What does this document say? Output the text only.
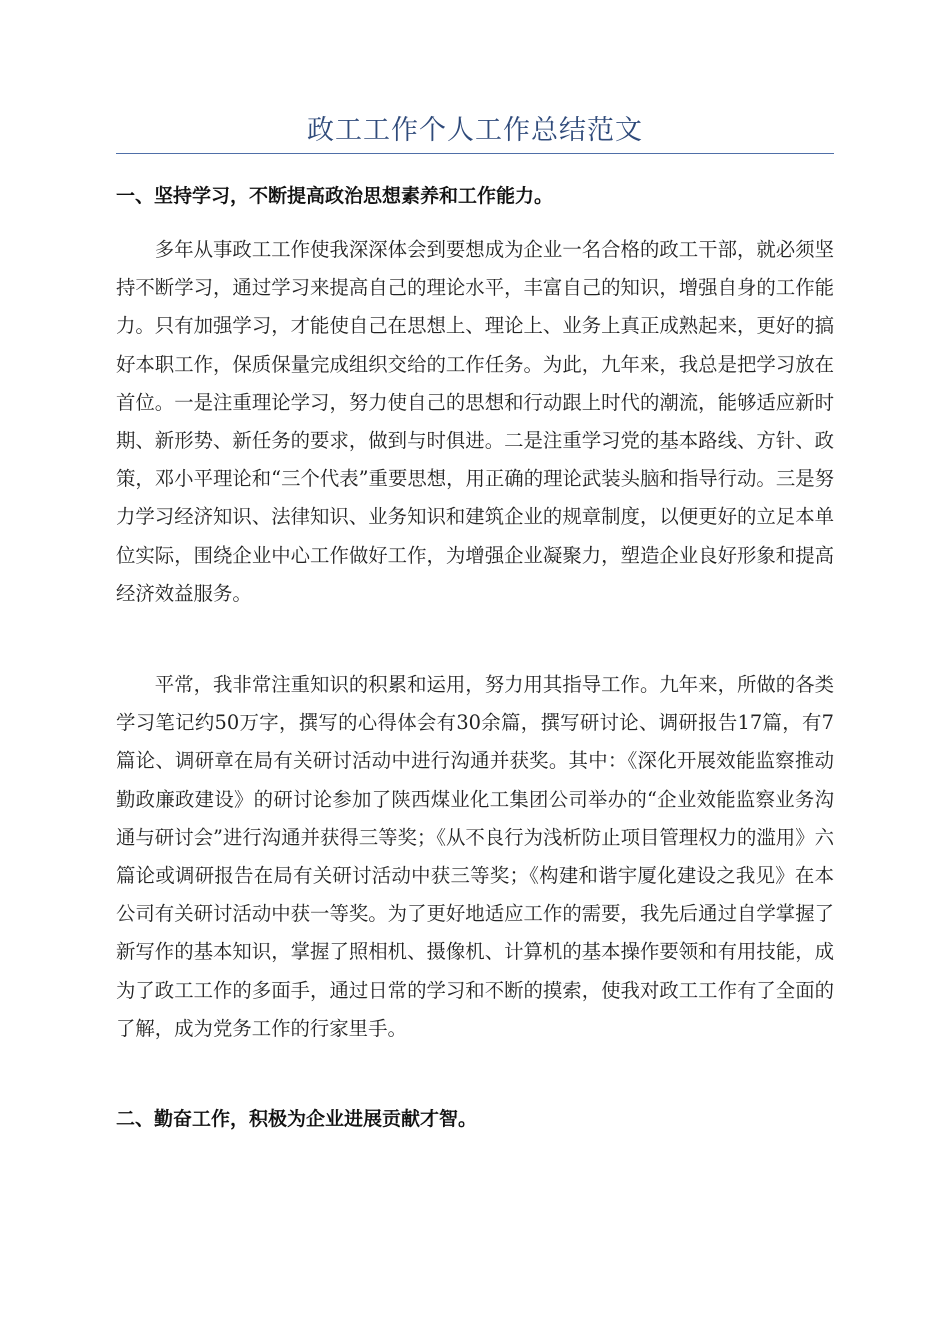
政工工作个人工作总结范文
一、坚持学习，不断提高政治思想素养和工作能力。

多年从事政工工作使我深深体会到要想成为企业一名合格的政工干部，就必须坚持不断学习，通过学习来提高自己的理论水平，丰富自己的知识，增强自身的工作能力。只有加强学习，才能使自己在思想上、理论上、业务上真正成熟起来，更好的搞好本职工作，保质保量完成组织交给的工作任务。为此，九年来，我总是把学习放在首位。一是注重理论学习，努力使自己的思想和行动跟上时代的潮流，能够适应新时期、新形势、新任务的要求，做到与时俱进。二是注重学习党的基本路线、方针、政策，邓小平理论和“三个代表”重要思想，用正确的理论武装头脑和指导行动。三是努力学习经济知识、法律知识、业务知识和建筑企业的规章制度，以便更好的立足本单位实际，围绕企业中心工作做好工作，为增强企业凝聚力，塑造企业良好形象和提高经济效益服务。

平常，我非常注重知识的积累和运用，努力用其指导工作。九年来，所做的各类学习笔记约50万字，撰写的心得体会有30余篇，撰写研讨论、调研报告17篇，有7篇论、调研章在局有关研讨活动中进行沟通并获奖。其中：《深化开展效能监察推动勤政廉政建设》的研讨论参加了陕西煤业化工集团公司举办的“企业效能监察业务沟通与研讨会”进行沟通并获得三等奖；《从不良行为浅析防止项目管理权力的滥用》六篇论或调研报告在局有关研讨活动中获三等奖；《构建和谐宇厦化建设之我见》在本公司有关研讨活动中获一等奖。为了更好地适应工作的需要，我先后通过自学掌握了新写作的基本知识，掌握了照相机、摄像机、计算机的基本操作要领和有用技能，成为了政工工作的多面手，通过日常的学习和不断的摸索，使我对政工工作有了全面的了解，成为党务工作的行家里手。

二、勤奋工作，积极为企业进展贡献才智。
